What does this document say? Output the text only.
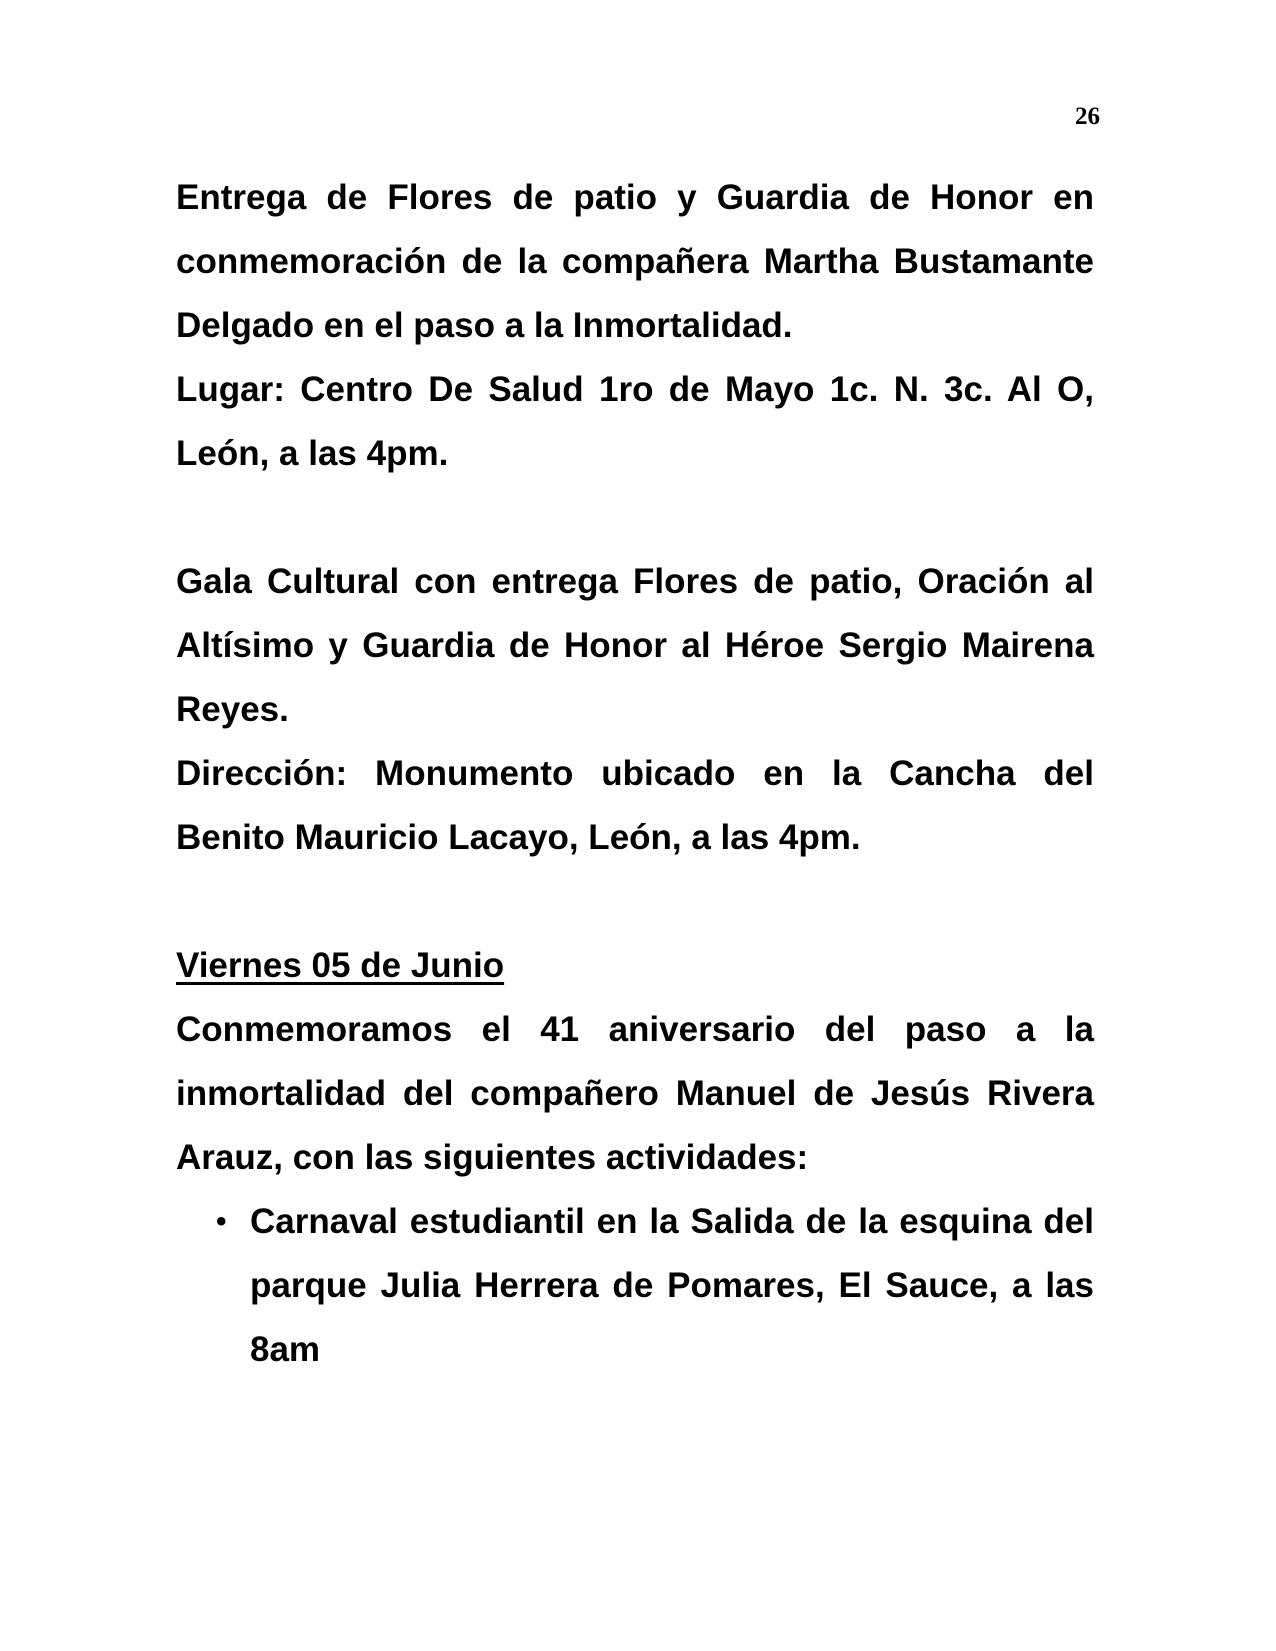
26

Entrega de Flores de patio y Guardia de Honor en conmemoración de la compañera Martha Bustamante Delgado en el paso a la Inmortalidad.

Lugar: Centro De Salud 1ro de Mayo 1c. N. 3c. Al O, León, a las 4pm.

Gala Cultural con entrega Flores de patio, Oración al Altísimo y Guardia de Honor al Héroe Sergio Mairena Reyes.

Dirección: Monumento ubicado en la Cancha del Benito Mauricio Lacayo, León, a las 4pm.

Viernes 05 de Junio

Conmemoramos el 41 aniversario del paso a la inmortalidad del compañero Manuel de Jesús Rivera Arauz, con las siguientes actividades:

• Carnaval estudiantil en la Salida de la esquina del parque Julia Herrera de Pomares, El Sauce, a las 8am
